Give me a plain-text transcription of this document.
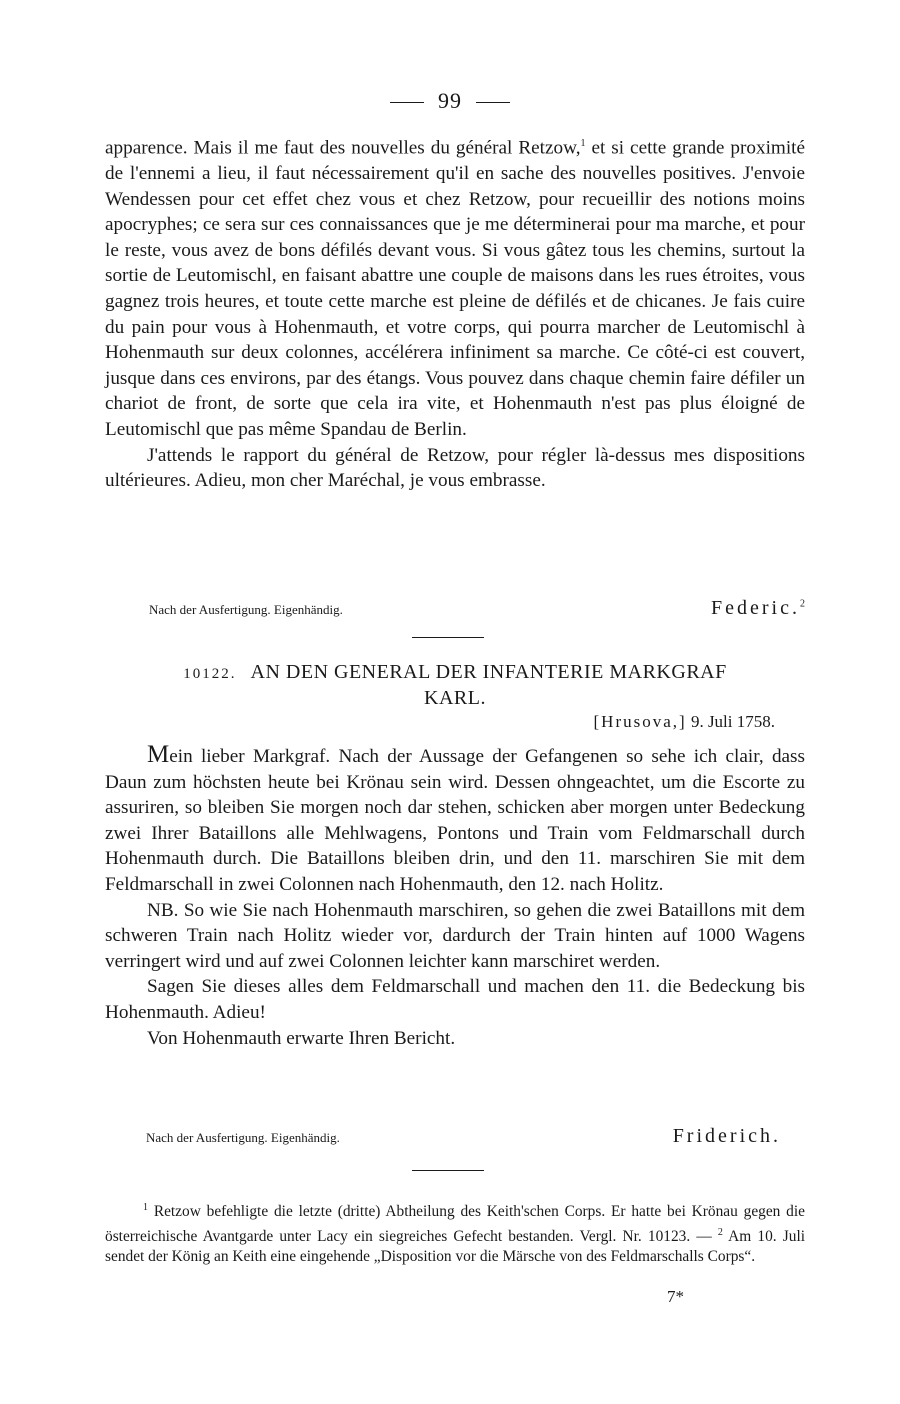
99

apparence. Mais il me faut des nouvelles du général Retzow,$^1$ et si cette grande proximité de l'ennemi a lieu, il faut nécessairement qu'il en sache des nouvelles positives. J'envoie Wendessen pour cet effet chez vous et chez Retzow, pour recueillir des notions moins apocryphes; ce sera sur ces connaissances que je me déterminerai pour ma marche, et pour le reste, vous avez de bons défilés devant vous. Si vous gâtez tous les chemins, surtout la sortie de Leutomischl, en faisant abattre une couple de maisons dans les rues étroites, vous gagnez trois heures, et toute cette marche est pleine de défilés et de chicanes. Je fais cuire du pain pour vous à Hohenmauth, et votre corps, qui pourra marcher de Leutomischl à Hohenmauth sur deux colonnes, accélérera infiniment sa marche. Ce côté-ci est couvert, jusque dans ces environs, par des étangs. Vous pouvez dans chaque chemin faire défiler un chariot de front, de sorte que cela ira vite, et Hohenmauth n'est pas plus éloigné de Leutomischl que pas même Spandau de Berlin.

J'attends le rapport du général de Retzow, pour régler là-dessus mes dispositions ultérieures. Adieu, mon cher Maréchal, je vous embrasse.

Nach der Ausfertigung. Eigenhändig.	Federic.$^2$
10122. AN DEN GENERAL DER INFANTERIE MARKGRAF
KARL.
[Hrusova,] 9. Juli 1758.

Mein lieber Markgraf. Nach der Aussage der Gefangenen so sehe ich clair, dass Daun zum höchsten heute bei Krönau sein wird. Dessen ohngeachtet, um die Escorte zu assuriren, so bleiben Sie morgen noch dar stehen, schicken aber morgen unter Bedeckung zwei Ihrer Bataillons alle Mehlwagens, Pontons und Train vom Feldmarschall durch Hohenmauth durch. Die Bataillons bleiben drin, und den 11. marschiren Sie mit dem Feldmarschall in zwei Colonnen nach Hohenmauth, den 12. nach Holitz.

NB. So wie Sie nach Hohenmauth marschiren, so gehen die zwei Bataillons mit dem schweren Train nach Holitz wieder vor, dardurch der Train hinten auf 1000 Wagens verringert wird und auf zwei Colonnen leichter kann marschiret werden.

Sagen Sie dieses alles dem Feldmarschall und machen den 11. die Bedeckung bis Hohenmauth. Adieu!

Von Hohenmauth erwarte Ihren Bericht.

Nach der Ausfertigung. Eigenhändig.	Friderich.

$^1$ Retzow befehligte die letzte (dritte) Abtheilung des Keith'schen Corps. Er hatte bei Krönau gegen die österreichische Avantgarde unter Lacy ein siegreiches Gefecht bestanden. Vergl. Nr. 10123. — $^2$ Am 10. Juli sendet der König an Keith eine eingehende „Disposition vor die Märsche von des Feldmarschalls Corps“.

7*
